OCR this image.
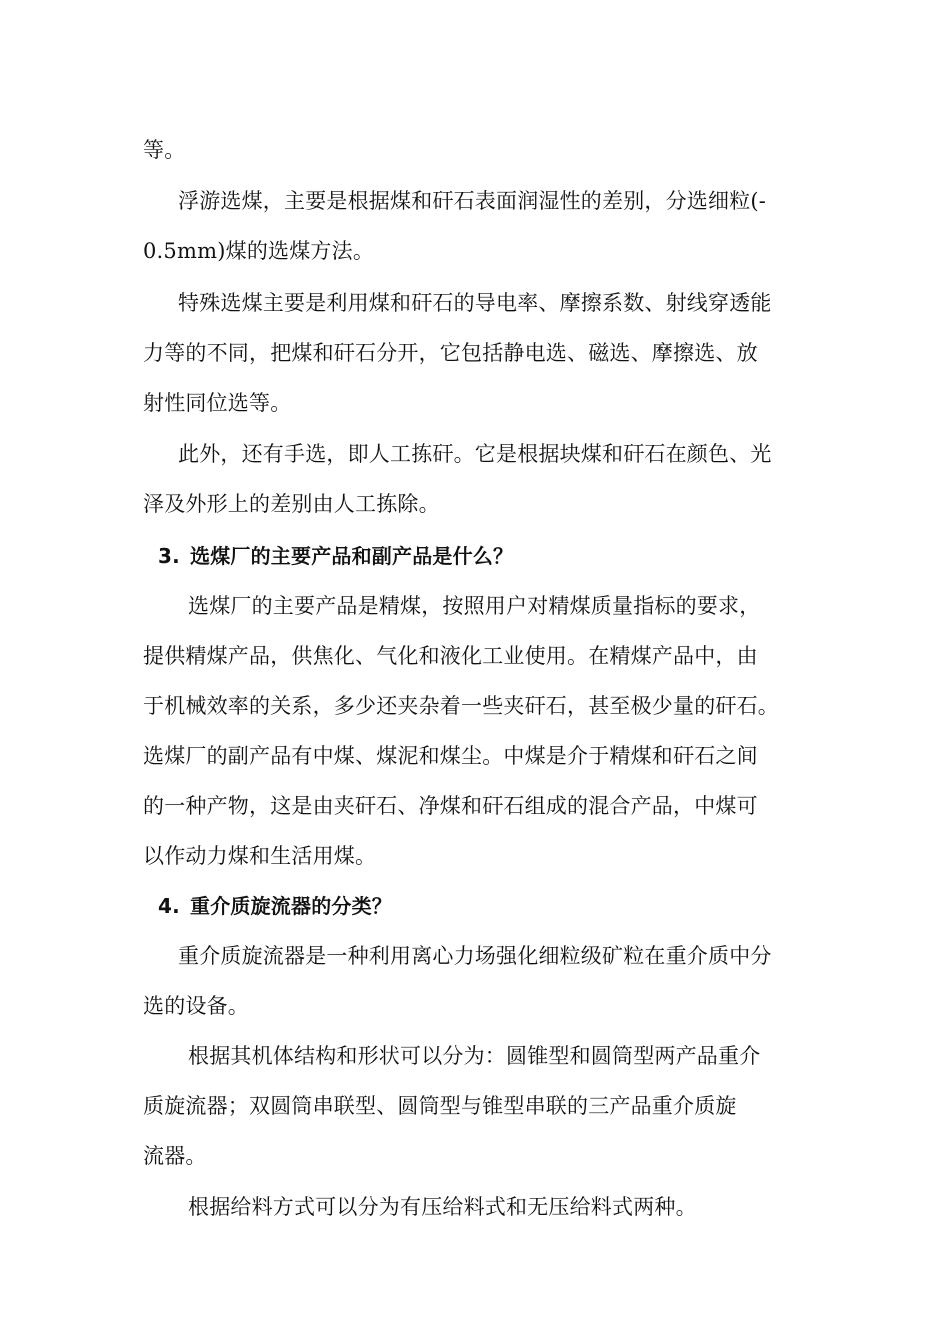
等。
浮游选煤，主要是根据煤和矸石表面润湿性的差别，分选细粒(-
0.5mm)煤的选煤方法。
特殊选煤主要是利用煤和矸石的导电率、摩擦系数、射线穿透能
力等的不同，把煤和矸石分开，它包括静电选、磁选、摩擦选、放
射性同位选等。
此外，还有手选，即人工拣矸。它是根据块煤和矸石在颜色、光
泽及外形上的差别由人工拣除。
3. 选煤厂的主要产品和副产品是什么？
选煤厂的主要产品是精煤，按照用户对精煤质量指标的要求，
提供精煤产品，供焦化、气化和液化工业使用。在精煤产品中，由
于机械效率的关系，多少还夹杂着一些夹矸石，甚至极少量的矸石。
选煤厂的副产品有中煤、煤泥和煤尘。中煤是介于精煤和矸石之间
的一种产物，这是由夹矸石、净煤和矸石组成的混合产品，中煤可
以作动力煤和生活用煤。
4. 重介质旋流器的分类？
重介质旋流器是一种利用离心力场强化细粒级矿粒在重介质中分
选的设备。
根据其机体结构和形状可以分为：圆锥型和圆筒型两产品重介
质旋流器；双圆筒串联型、圆筒型与锥型串联的三产品重介质旋
流器。
根据给料方式可以分为有压给料式和无压给料式两种。
